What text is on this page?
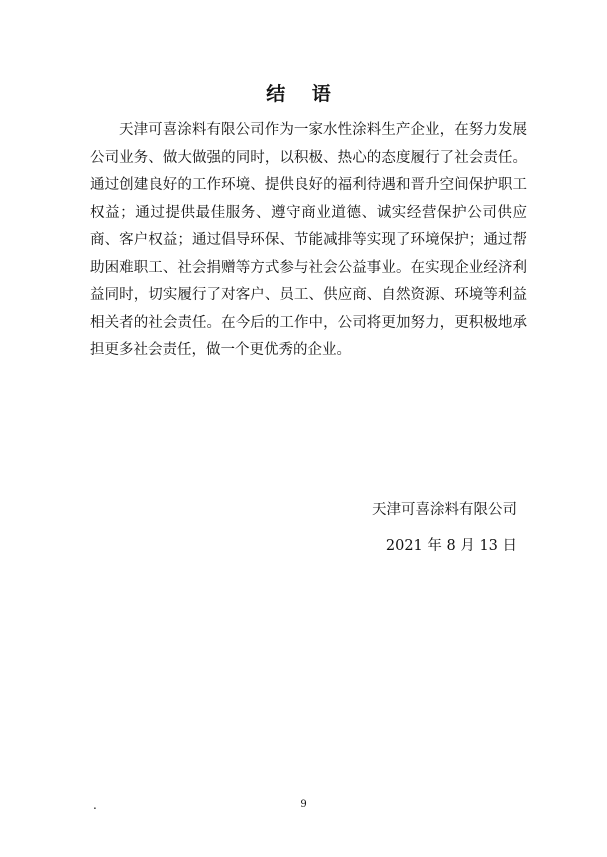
结 语

天津可喜涂料有限公司作为一家水性涂料生产企业，在努力发展公司业务、做大做强的同时，以积极、热心的态度履行了社会责任。通过创建良好的工作环境、提供良好的福利待遇和晋升空间保护职工权益；通过提供最佳服务、遵守商业道德、诚实经营保护公司供应商、客户权益；通过倡导环保、节能减排等实现了环境保护；通过帮助困难职工、社会捐赠等方式参与社会公益事业。在实现企业经济利益同时，切实履行了对客户、员工、供应商、自然资源、环境等利益相关者的社会责任。在今后的工作中，公司将更加努力，更积极地承担更多社会责任，做一个更优秀的企业。

天津可喜涂料有限公司
2021 年 8 月 13 日
.	9
